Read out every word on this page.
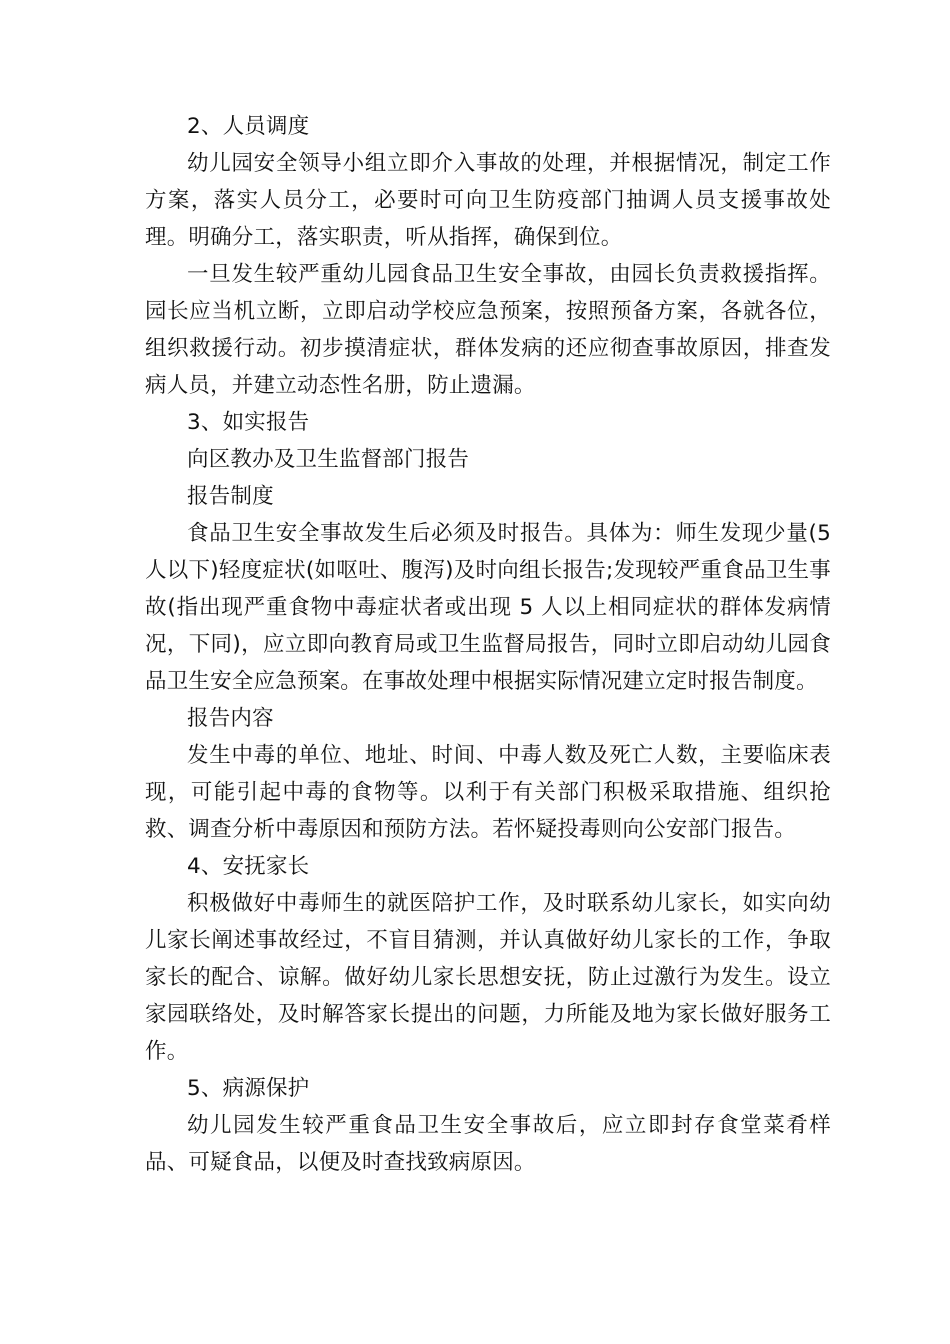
2、人员调度

幼儿园安全领导小组立即介入事故的处理，并根据情况，制定工作方案，落实人员分工，必要时可向卫生防疫部门抽调人员支援事故处理。明确分工，落实职责，听从指挥，确保到位。

一旦发生较严重幼儿园食品卫生安全事故，由园长负责救援指挥。园长应当机立断，立即启动学校应急预案，按照预备方案，各就各位，组织救援行动。初步摸清症状，群体发病的还应彻查事故原因，排查发病人员，并建立动态性名册，防止遗漏。

3、如实报告

向区教办及卫生监督部门报告

报告制度

食品卫生安全事故发生后必须及时报告。具体为：师生发现少量(5 人以下)轻度症状(如呕吐、腹泻)及时向组长报告;发现较严重食品卫生事故(指出现严重食物中毒症状者或出现 5 人以上相同症状的群体发病情况，下同)，应立即向教育局或卫生监督局报告，同时立即启动幼儿园食品卫生安全应急预案。在事故处理中根据实际情况建立定时报告制度。

报告内容

发生中毒的单位、地址、时间、中毒人数及死亡人数，主要临床表现，可能引起中毒的食物等。以利于有关部门积极采取措施、组织抢救、调查分析中毒原因和预防方法。若怀疑投毒则向公安部门报告。

4、安抚家长

积极做好中毒师生的就医陪护工作，及时联系幼儿家长，如实向幼儿家长阐述事故经过，不盲目猜测，并认真做好幼儿家长的工作，争取家长的配合、谅解。做好幼儿家长思想安抚，防止过激行为发生。设立家园联络处，及时解答家长提出的问题，力所能及地为家长做好服务工作。

5、病源保护

幼儿园发生较严重食品卫生安全事故后，应立即封存食堂菜肴样品、可疑食品，以便及时查找致病原因。
